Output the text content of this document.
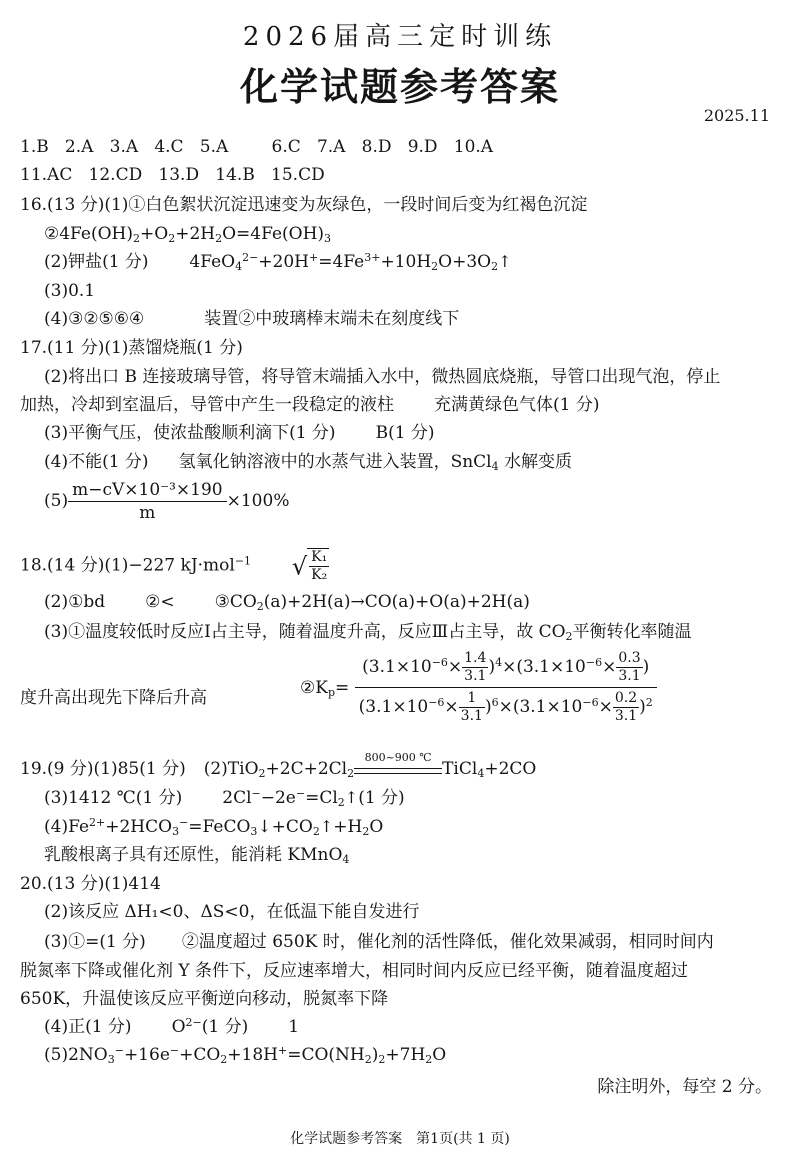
2026届高三定时训练
化学试题参考答案
2025.11
1.B   2.A   3.A   4.C   5.A        6.C   7.A   8.D   9.D   10.A
11.AC   12.CD   13.D   14.B   15.CD
16.(13 分)(1)①白色絮状沉淀迅速变为灰绿色，一段时间后变为红褐色沉淀
$②4Fe(OH)_2+O_2+2H_2O=4Fe(OH)_3$
(2)钾盐(1 分) $4FeO_4^{2-}+20H^+=4Fe^{3+}+10H_2O+3O_2↑$
(3)0.1
(4)③②⑤⑥④	装置②中玻璃棒末端未在刻度线下
17.(11 分)(1)蒸馏烧瓶(1 分)
(2)将出口 B 连接玻璃导管，将导管末端插入水中，微热圆底烧瓶，导管口出现气泡，停止
加热，冷却到室温后，导管中产生一段稳定的液柱 充满黄绿色气体(1 分)
(3)平衡气压，使浓盐酸顺利滴下(1 分) B(1 分)
(4)不能(1 分) 氢氧化钠溶液中的水蒸气进入装置，SnCl$_4$ 水解变质
$(5) \frac{\text{m−cV×10⁻³×190}}{m} \times 100\%$
18.(14 分)(1)−227 kJ·mol$^{-1}$ √ $\frac{\text{K₁}}{\text{K₂}}$
(2)①bd ②< $③CO_2(a)+2H(a)\to CO(a)+O(a)+2H(a)$
(3)①温度较低时反应Ⅰ占主导，随着温度升高，反应Ⅲ占主导，故 $CO_2$平衡转化率随温
度升高出现先下降后升高
$②K_p= \frac{(3.1\times 10^{-6}\times \frac{1.4}{3.1} )^4\times(3.1\times 10^{-6}\times \frac{0.3}{3.1} )}{(3.1\times 10^{-6}\times \frac{1}{3.1} )^6\times(3.1\times 10^{-6}\times \frac{0.2}{3.1} )^2}$
19.(9 分)(1)85(1 分) $(2)TiO_2+2C+2Cl_2$
800~900 ℃
TiCl$_4$+2CO
(3)1412 ℃(1 分) $2Cl^--2e^-=Cl_2↑(1$ 分)
$(4)Fe^{2+}+2HCO_3^-=FeCO_3↓+CO_2↑+H_2O$
乳酸根离子具有还原性，能消耗 KMnO$_4$
20.(13 分)(1)414
(2)该反应 ΔH₁<0、ΔS<0，在低温下能自发进行
(3)①=(1 分) ②温度超过 650K 时，催化剂的活性降低，催化效果减弱，相同时间内
脱氮率下降或催化剂 Y 条件下，反应速率增大，相同时间内反应已经平衡，随着温度超过
650K，升温使该反应平衡逆向移动，脱氮率下降
(4)正(1 分) $O^{2-}(1$ 分) 1
$(5)2NO_3^-+16e^-+CO_2+18H^+=CO(NH_2)_2+7H_2O$
除注明外，每空 2 分。
化学试题参考答案　第1页(共 1 页)
